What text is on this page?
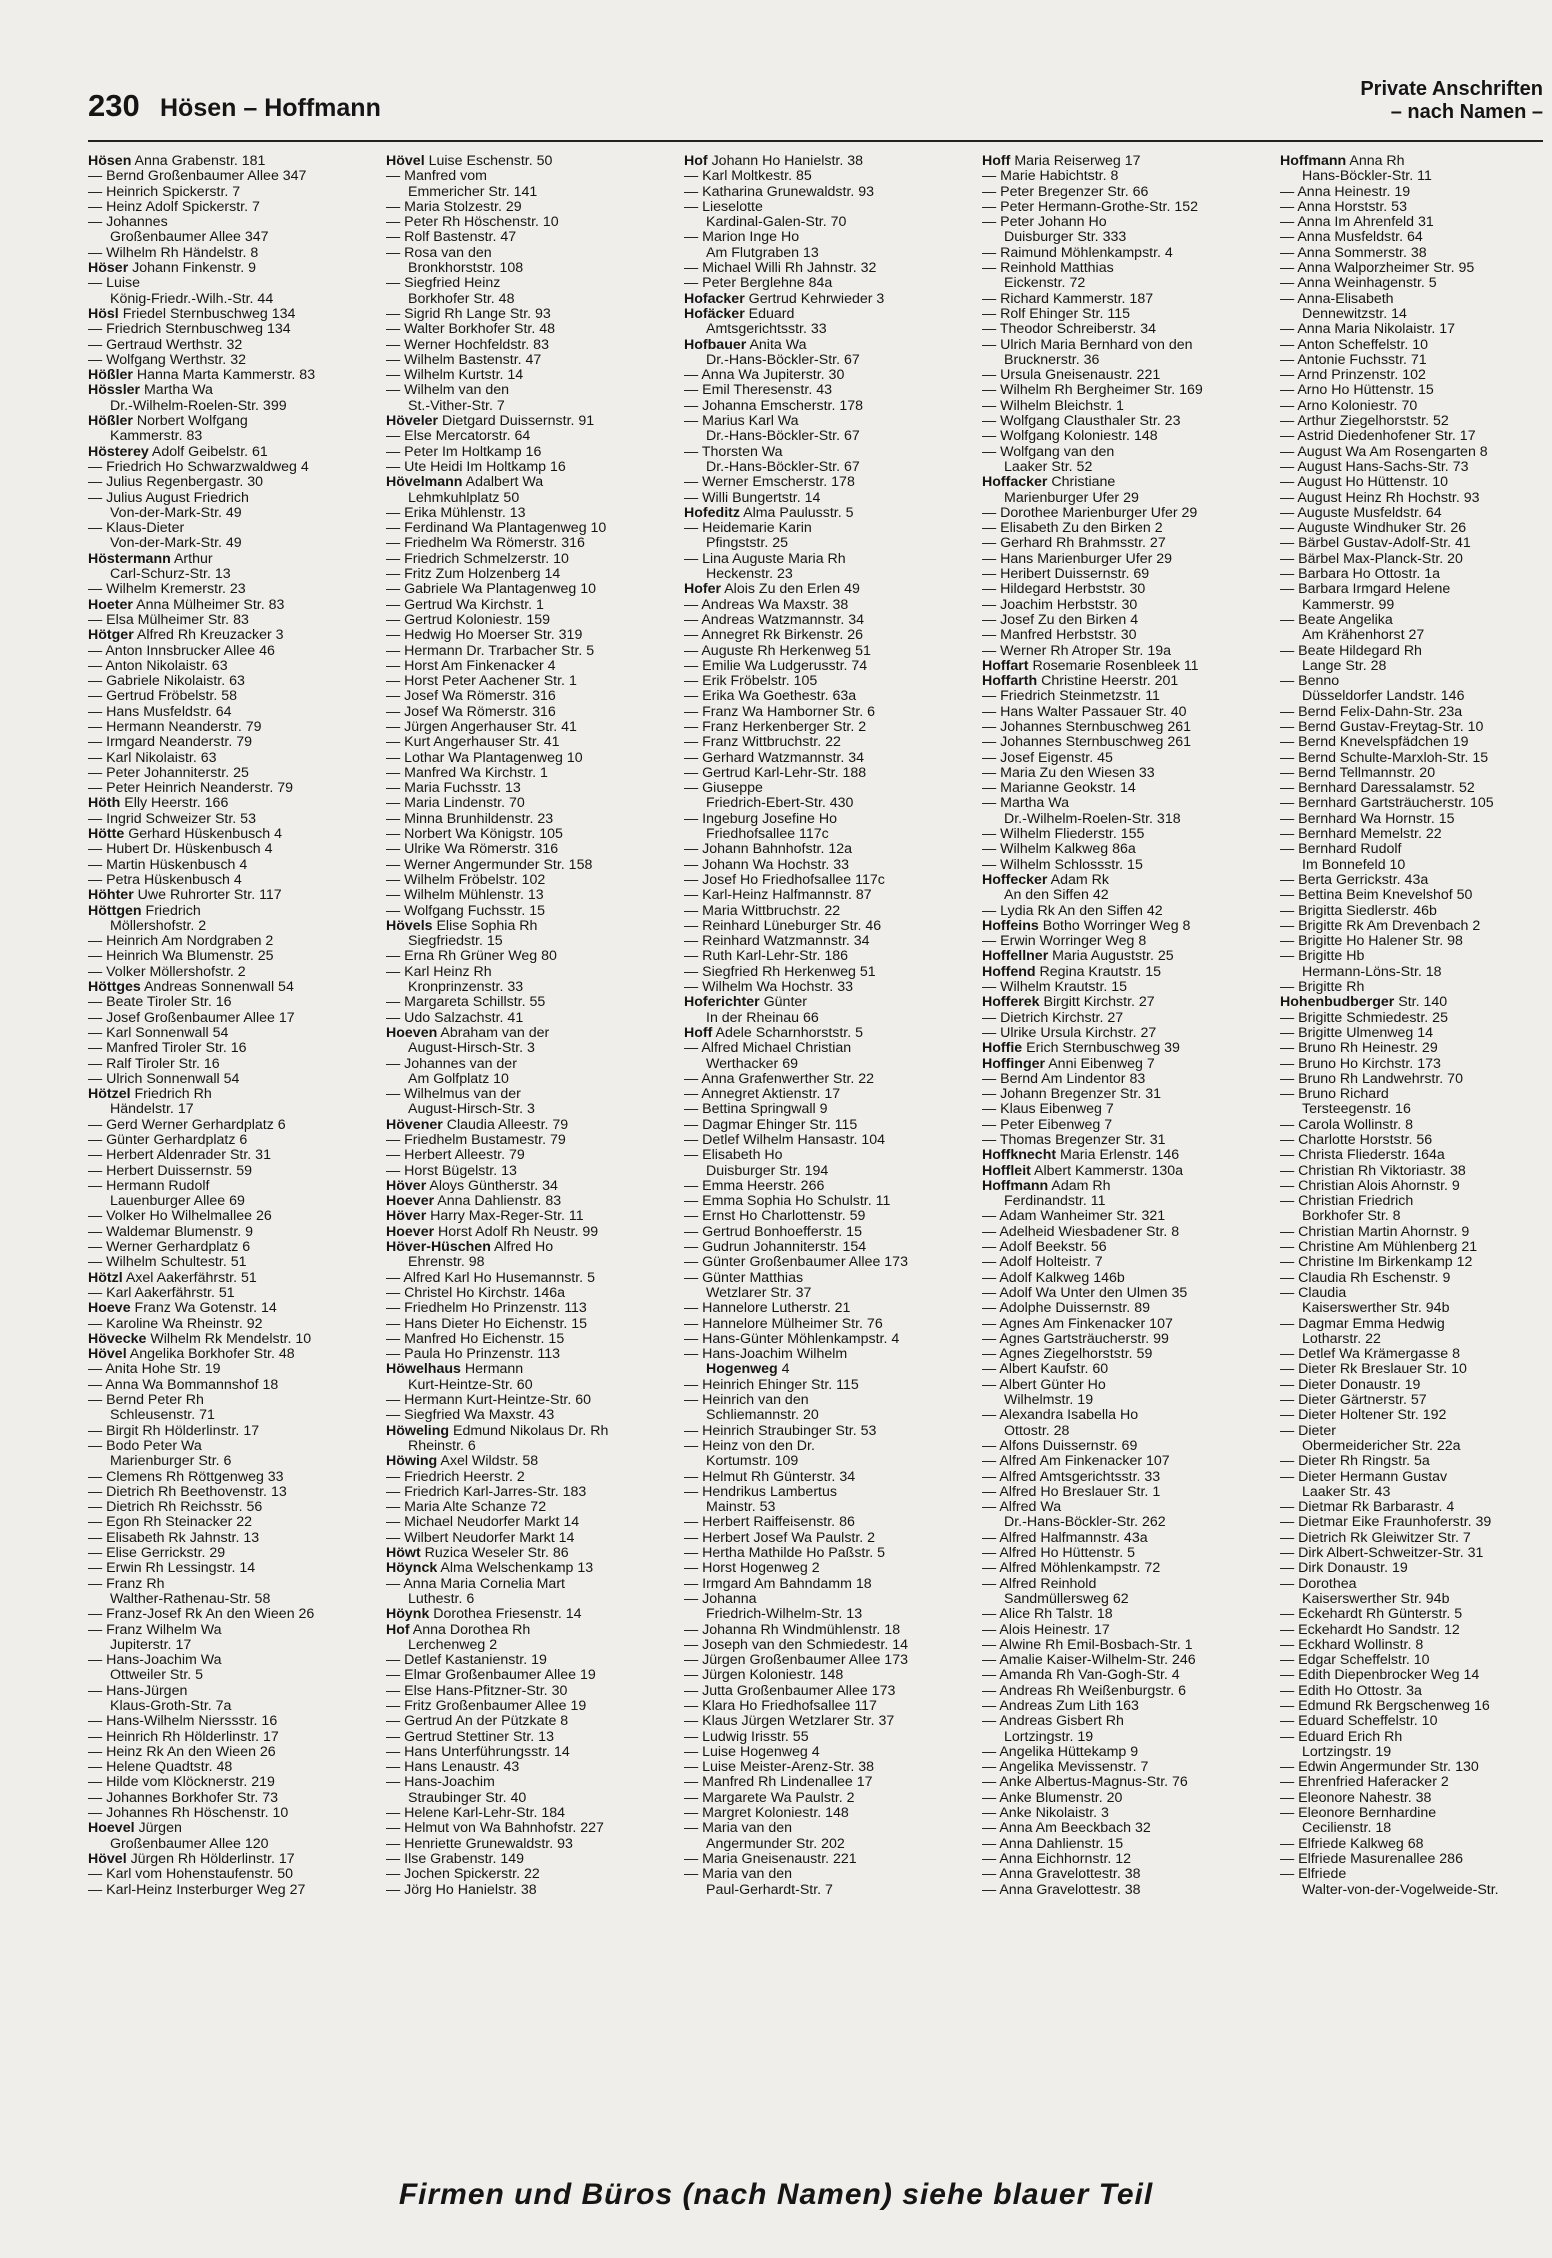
230 Hösen – Hoffmann
Private Anschriften
– nach Namen –

Hösen Anna Grabenstr. 181

— Bernd Großenbaumer Allee 347

— Heinrich Spickerstr. 7

— Heinz Adolf Spickerstr. 7

— Johannes

Großenbaumer Allee 347

— Wilhelm Rh Händelstr. 8

Höser Johann Finkenstr. 9

— Luise

König-Friedr.-Wilh.-Str. 44

Hösl Friedel Sternbuschweg 134

— Friedrich Sternbuschweg 134

— Gertraud Werthstr. 32

— Wolfgang Werthstr. 32

Hößler Hanna Marta Kammerstr. 83

Hössler Martha Wa

Dr.-Wilhelm-Roelen-Str. 399

Hößler Norbert Wolfgang

Kammerstr. 83

Hösterey Adolf Geibelstr. 61

— Friedrich Ho Schwarzwaldweg 4

— Julius Regenbergastr. 30

— Julius August Friedrich

Von-der-Mark-Str. 49

— Klaus-Dieter

Von-der-Mark-Str. 49

Höstermann Arthur

Carl-Schurz-Str. 13

— Wilhelm Kremerstr. 23

Hoeter Anna Mülheimer Str. 83

— Elsa Mülheimer Str. 83

Hötger Alfred Rh Kreuzacker 3

— Anton Innsbrucker Allee 46

— Anton Nikolaistr. 63

— Gabriele Nikolaistr. 63

— Gertrud Fröbelstr. 58

— Hans Musfeldstr. 64

— Hermann Neanderstr. 79

— Irmgard Neanderstr. 79

— Karl Nikolaistr. 63

— Peter Johanniterstr. 25

— Peter Heinrich Neanderstr. 79

Höth Elly Heerstr. 166

— Ingrid Schweizer Str. 53

Hötte Gerhard Hüskenbusch 4

— Hubert Dr. Hüskenbusch 4

— Martin Hüskenbusch 4

— Petra Hüskenbusch 4

Höhter Uwe Ruhrorter Str. 117

Höttgen Friedrich

Möllershofstr. 2

— Heinrich Am Nordgraben 2

— Heinrich Wa Blumenstr. 25

— Volker Möllershofstr. 2

Höttges Andreas Sonnenwall 54

— Beate Tiroler Str. 16

— Josef Großenbaumer Allee 17

— Karl Sonnenwall 54

— Manfred Tiroler Str. 16

— Ralf Tiroler Str. 16

— Ulrich Sonnenwall 54

Hötzel Friedrich Rh

Händelstr. 17

— Gerd Werner Gerhardplatz 6

— Günter Gerhardplatz 6

— Herbert Aldenrader Str. 31

— Herbert Duissernstr. 59

— Hermann Rudolf

Lauenburger Allee 69

— Volker Ho Wilhelmallee 26

— Waldemar Blumenstr. 9

— Werner Gerhardplatz 6

— Wilhelm Schultestr. 51

Hötzl Axel Aakerfährstr. 51

— Karl Aakerfährstr. 51

Hoeve Franz Wa Gotenstr. 14

— Karoline Wa Rheinstr. 92

Hövecke Wilhelm Rk Mendelstr. 10

Hövel Angelika Borkhofer Str. 48

— Anita Hohe Str. 19

— Anna Wa Bommannshof 18

— Bernd Peter Rh

Schleusenstr. 71

— Birgit Rh Hölderlinstr. 17

— Bodo Peter Wa

Marienburger Str. 6

— Clemens Rh Röttgenweg 33

— Dietrich Rh Beethovenstr. 13

— Dietrich Rh Reichsstr. 56

— Egon Rh Steinacker 22

— Elisabeth Rk Jahnstr. 13

— Elise Gerrickstr. 29

— Erwin Rh Lessingstr. 14

— Franz Rh

Walther-Rathenau-Str. 58

— Franz-Josef Rk An den Wieen 26

— Franz Wilhelm Wa

Jupiterstr. 17

— Hans-Joachim Wa

Ottweiler Str. 5

— Hans-Jürgen

Klaus-Groth-Str. 7a

— Hans-Wilhelm Nierssstr. 16

— Heinrich Rh Hölderlinstr. 17

— Heinz Rk An den Wieen 26

— Helene Quadtstr. 48

— Hilde vom Klöcknerstr. 219

— Johannes Borkhofer Str. 73

— Johannes Rh Höschenstr. 10

Hoevel Jürgen

Großenbaumer Allee 120

Hövel Jürgen Rh Hölderlinstr. 17

— Karl vom Hohenstaufenstr. 50

— Karl-Heinz Insterburger Weg 27

Hövel Luise Eschenstr. 50

— Manfred vom

Emmericher Str. 141

— Maria Stolzestr. 29

— Peter Rh Höschenstr. 10

— Rolf Bastenstr. 47

— Rosa van den

Bronkhorststr. 108

— Siegfried Heinz

Borkhofer Str. 48

— Sigrid Rh Lange Str. 93

— Walter Borkhofer Str. 48

— Werner Hochfeldstr. 83

— Wilhelm Bastenstr. 47

— Wilhelm Kurtstr. 14

— Wilhelm van den

St.-Vither-Str. 7

Höveler Dietgard Duissernstr. 91

— Else Mercatorstr. 64

— Peter Im Holtkamp 16

— Ute Heidi Im Holtkamp 16

Hövelmann Adalbert Wa

Lehmkuhlplatz 50

— Erika Mühlenstr. 13

— Ferdinand Wa Plantagenweg 10

— Friedhelm Wa Römerstr. 316

— Friedrich Schmelzerstr. 10

— Fritz Zum Holzenberg 14

— Gabriele Wa Plantagenweg 10

— Gertrud Wa Kirchstr. 1

— Gertrud Koloniestr. 159

— Hedwig Ho Moerser Str. 319

— Hermann Dr. Trarbacher Str. 5

— Horst Am Finkenacker 4

— Horst Peter Aachener Str. 1

— Josef Wa Römerstr. 316

— Josef Wa Römerstr. 316

— Jürgen Angerhauser Str. 41

— Kurt Angerhauser Str. 41

— Lothar Wa Plantagenweg 10

— Manfred Wa Kirchstr. 1

— Maria Fuchsstr. 13

— Maria Lindenstr. 70

— Minna Brunhildenstr. 23

— Norbert Wa Königstr. 105

— Ulrike Wa Römerstr. 316

— Werner Angermunder Str. 158

— Wilhelm Fröbelstr. 102

— Wilhelm Mühlenstr. 13

— Wolfgang Fuchsstr. 15

Hövels Elise Sophia Rh

Siegfriedstr. 15

— Erna Rh Grüner Weg 80

— Karl Heinz Rh

Kronprinzenstr. 33

— Margareta Schillstr. 55

— Udo Salzachstr. 41

Hoeven Abraham van der

August-Hirsch-Str. 3

— Johannes van der

Am Golfplatz 10

— Wilhelmus van der

August-Hirsch-Str. 3

Hövener Claudia Alleestr. 79

— Friedhelm Bustamestr. 79

— Herbert Alleestr. 79

— Horst Bügelstr. 13

Höver Aloys Güntherstr. 34

Hoever Anna Dahlienstr. 83

Höver Harry Max-Reger-Str. 11

Hoever Horst Adolf Rh Neustr. 99

Höver-Hüschen Alfred Ho

Ehrenstr. 98

— Alfred Karl Ho Husemannstr. 5

— Christel Ho Kirchstr. 146a

— Friedhelm Ho Prinzenstr. 113

— Hans Dieter Ho Eichenstr. 15

— Manfred Ho Eichenstr. 15

— Paula Ho Prinzenstr. 113

Höwelhaus Hermann

Kurt-Heintze-Str. 60

— Hermann Kurt-Heintze-Str. 60

— Siegfried Wa Maxstr. 43

Höweling Edmund Nikolaus Dr. Rh

Rheinstr. 6

Höwing Axel Wildstr. 58

— Friedrich Heerstr. 2

— Friedrich Karl-Jarres-Str. 183

— Maria Alte Schanze 72

— Michael Neudorfer Markt 14

— Wilbert Neudorfer Markt 14

Höwt Ruzica Weseler Str. 86

Höynck Alma Welschenkamp 13

— Anna Maria Cornelia Mart

Luthestr. 6

Höynk Dorothea Friesenstr. 14

Hof Anna Dorothea Rh

Lerchenweg 2

— Detlef Kastanienstr. 19

— Elmar Großenbaumer Allee 19

— Else Hans-Pfitzner-Str. 30

— Fritz Großenbaumer Allee 19

— Gertrud An der Pützkate 8

— Gertrud Stettiner Str. 13

— Hans Unterführungsstr. 14

— Hans Lenaustr. 43

— Hans-Joachim

Straubinger Str. 40

— Helene Karl-Lehr-Str. 184

— Helmut von Wa Bahnhofstr. 227

— Henriette Grunewaldstr. 93

— Ilse Grabenstr. 149

— Jochen Spickerstr. 22

— Jörg Ho Hanielstr. 38

Hof Johann Ho Hanielstr. 38

— Karl Moltkestr. 85

— Katharina Grunewaldstr. 93

— Lieselotte

Kardinal-Galen-Str. 70

— Marion Inge Ho

Am Flutgraben 13

— Michael Willi Rh Jahnstr. 32

— Peter Berglehne 84a

Hofacker Gertrud Kehrwieder 3

Hofäcker Eduard

Amtsgerichtsstr. 33

Hofbauer Anita Wa

Dr.-Hans-Böckler-Str. 67

— Anna Wa Jupiterstr. 30

— Emil Theresenstr. 43

— Johanna Emscherstr. 178

— Marius Karl Wa

Dr.-Hans-Böckler-Str. 67

— Thorsten Wa

Dr.-Hans-Böckler-Str. 67

— Werner Emscherstr. 178

— Willi Bungertstr. 14

Hofeditz Alma Paulusstr. 5

— Heidemarie Karin

Pfingststr. 25

— Lina Auguste Maria Rh

Heckenstr. 23

Hofer Alois Zu den Erlen 49

— Andreas Wa Maxstr. 38

— Andreas Watzmannstr. 34

— Annegret Rk Birkenstr. 26

— Auguste Rh Herkenweg 51

— Emilie Wa Ludgerusstr. 74

— Erik Fröbelstr. 105

— Erika Wa Goethestr. 63a

— Franz Wa Hamborner Str. 6

— Franz Herkenberger Str. 2

— Franz Wittbruchstr. 22

— Gerhard Watzmannstr. 34

— Gertrud Karl-Lehr-Str. 188

— Giuseppe

Friedrich-Ebert-Str. 430

— Ingeburg Josefine Ho

Friedhofsallee 117c

— Johann Bahnhofstr. 12a

— Johann Wa Hochstr. 33

— Josef Ho Friedhofsallee 117c

— Karl-Heinz Halfmannstr. 87

— Maria Wittbruchstr. 22

— Reinhard Lüneburger Str. 46

— Reinhard Watzmannstr. 34

— Ruth Karl-Lehr-Str. 186

— Siegfried Rh Herkenweg 51

— Wilhelm Wa Hochstr. 33

Hoferichter Günter

In der Rheinau 66

Hoff Adele Scharnhorststr. 5

— Alfred Michael Christian

Werthacker 69

— Anna Grafenwerther Str. 22

— Annegret Aktienstr. 17

— Bettina Springwall 9

— Dagmar Ehinger Str. 115

— Detlef Wilhelm Hansastr. 104

— Elisabeth Ho

Duisburger Str. 194

— Emma Heerstr. 266

— Emma Sophia Ho Schulstr. 11

— Ernst Ho Charlottenstr. 59

— Gertrud Bonhoefferstr. 15

— Gudrun Johanniterstr. 154

— Günter Großenbaumer Allee 173

— Günter Matthias

Wetzlarer Str. 37

— Hannelore Lutherstr. 21

— Hannelore Mülheimer Str. 76

— Hans-Günter Möhlenkampstr. 4

— Hans-Joachim Wilhelm

Hogenweg 4

— Heinrich Ehinger Str. 115

— Heinrich van den

Schliemannstr. 20

— Heinrich Straubinger Str. 53

— Heinz von den Dr.

Kortumstr. 109

— Helmut Rh Günterstr. 34

— Hendrikus Lambertus

Mainstr. 53

— Herbert Raiffeisenstr. 86

— Herbert Josef Wa Paulstr. 2

— Hertha Mathilde Ho Paßstr. 5

— Horst Hogenweg 2

— Irmgard Am Bahndamm 18

— Johanna

Friedrich-Wilhelm-Str. 13

— Johanna Rh Windmühlenstr. 18

— Joseph van den Schmiedestr. 14

— Jürgen Großenbaumer Allee 173

— Jürgen Koloniestr. 148

— Jutta Großenbaumer Allee 173

— Klara Ho Friedhofsallee 117

— Klaus Jürgen Wetzlarer Str. 37

— Ludwig Irisstr. 55

— Luise Hogenweg 4

— Luise Meister-Arenz-Str. 38

— Manfred Rh Lindenallee 17

— Margarete Wa Paulstr. 2

— Margret Koloniestr. 148

— Maria van den

Angermunder Str. 202

— Maria Gneisenaustr. 221

— Maria van den

Paul-Gerhardt-Str. 7

Hoff Maria Reiserweg 17

— Marie Habichtstr. 8

— Peter Bregenzer Str. 66

— Peter Hermann-Grothe-Str. 152

— Peter Johann Ho

Duisburger Str. 333

— Raimund Möhlenkampstr. 4

— Reinhold Matthias

Eickenstr. 72

— Richard Kammerstr. 187

— Rolf Ehinger Str. 115

— Theodor Schreiberstr. 34

— Ulrich Maria Bernhard von den

Brucknerstr. 36

— Ursula Gneisenaustr. 221

— Wilhelm Rh Bergheimer Str. 169

— Wilhelm Bleichstr. 1

— Wolfgang Clausthaler Str. 23

— Wolfgang Koloniestr. 148

— Wolfgang van den

Laaker Str. 52

Hoffacker Christiane

Marienburger Ufer 29

— Dorothee Marienburger Ufer 29

— Elisabeth Zu den Birken 2

— Gerhard Rh Brahmsstr. 27

— Hans Marienburger Ufer 29

— Heribert Duissernstr. 69

— Hildegard Herbststr. 30

— Joachim Herbststr. 30

— Josef Zu den Birken 4

— Manfred Herbststr. 30

— Werner Rh Atroper Str. 19a

Hoffart Rosemarie Rosenbleek 11

Hoffarth Christine Heerstr. 201

— Friedrich Steinmetzstr. 11

— Hans Walter Passauer Str. 40

— Johannes Sternbuschweg 261

— Johannes Sternbuschweg 261

— Josef Eigenstr. 45

— Maria Zu den Wiesen 33

— Marianne Geokstr. 14

— Martha Wa

Dr.-Wilhelm-Roelen-Str. 318

— Wilhelm Fliederstr. 155

— Wilhelm Kalkweg 86a

— Wilhelm Schlossstr. 15

Hoffecker Adam Rk

An den Siffen 42

— Lydia Rk An den Siffen 42

Hoffeins Botho Worringer Weg 8

— Erwin Worringer Weg 8

Hoffellner Maria Auguststr. 25

Hoffend Regina Krautstr. 15

— Wilhelm Krautstr. 15

Hofferek Birgitt Kirchstr. 27

— Dietrich Kirchstr. 27

— Ulrike Ursula Kirchstr. 27

Hoffie Erich Sternbuschweg 39

Hoffinger Anni Eibenweg 7

— Bernd Am Lindentor 83

— Johann Bregenzer Str. 31

— Klaus Eibenweg 7

— Peter Eibenweg 7

— Thomas Bregenzer Str. 31

Hoffknecht Maria Erlenstr. 146

Hoffleit Albert Kammerstr. 130a

Hoffmann Adam Rh

Ferdinandstr. 11

— Adam Wanheimer Str. 321

— Adelheid Wiesbadener Str. 8

— Adolf Beekstr. 56

— Adolf Holteistr. 7

— Adolf Kalkweg 146b

— Adolf Wa Unter den Ulmen 35

— Adolphe Duissernstr. 89

— Agnes Am Finkenacker 107

— Agnes Gartsträucherstr. 99

— Agnes Ziegelhorststr. 59

— Albert Kaufstr. 60

— Albert Günter Ho

Wilhelmstr. 19

— Alexandra Isabella Ho

Ottostr. 28

— Alfons Duissernstr. 69

— Alfred Am Finkenacker 107

— Alfred Amtsgerichtsstr. 33

— Alfred Ho Breslauer Str. 1

— Alfred Wa

Dr.-Hans-Böckler-Str. 262

— Alfred Halfmannstr. 43a

— Alfred Ho Hüttenstr. 5

— Alfred Möhlenkampstr. 72

— Alfred Reinhold

Sandmüllersweg 62

— Alice Rh Talstr. 18

— Alois Heinestr. 17

— Alwine Rh Emil-Bosbach-Str. 1

— Amalie Kaiser-Wilhelm-Str. 246

— Amanda Rh Van-Gogh-Str. 4

— Andreas Rh Weißenburgstr. 6

— Andreas Zum Lith 163

— Andreas Gisbert Rh

Lortzingstr. 19

— Angelika Hüttekamp 9

— Angelika Mevissenstr. 7

— Anke Albertus-Magnus-Str. 76

— Anke Blumenstr. 20

— Anke Nikolaistr. 3

— Anna Am Beeckbach 32

— Anna Dahlienstr. 15

— Anna Eichhornstr. 12

— Anna Gravelottestr. 38

— Anna Gravelottestr. 38

Hoffmann Anna Rh

Hans-Böckler-Str. 11

— Anna Heinestr. 19

— Anna Horststr. 53

— Anna Im Ahrenfeld 31

— Anna Musfeldstr. 64

— Anna Sommerstr. 38

— Anna Walporzheimer Str. 95

— Anna Weinhagenstr. 5

— Anna-Elisabeth

Dennewitzstr. 14

— Anna Maria Nikolaistr. 17

— Anton Scheffelstr. 10

— Antonie Fuchsstr. 71

— Arnd Prinzenstr. 102

— Arno Ho Hüttenstr. 15

— Arno Koloniestr. 70

— Arthur Ziegelhorststr. 52

— Astrid Diedenhofener Str. 17

— August Wa Am Rosengarten 8

— August Hans-Sachs-Str. 73

— August Ho Hüttenstr. 10

— August Heinz Rh Hochstr. 93

— Auguste Musfeldstr. 64

— Auguste Windhuker Str. 26

— Bärbel Gustav-Adolf-Str. 41

— Bärbel Max-Planck-Str. 20

— Barbara Ho Ottostr. 1a

— Barbara Irmgard Helene

Kammerstr. 99

— Beate Angelika

Am Krähenhorst 27

— Beate Hildegard Rh

Lange Str. 28

— Benno

Düsseldorfer Landstr. 146

— Bernd Felix-Dahn-Str. 23a

— Bernd Gustav-Freytag-Str. 10

— Bernd Knevelspfädchen 19

— Bernd Schulte-Marxloh-Str. 15

— Bernd Tellmannstr. 20

— Bernhard Daressalamstr. 52

— Bernhard Gartsträucherstr. 105

— Bernhard Wa Hornstr. 15

— Bernhard Memelstr. 22

— Bernhard Rudolf

Im Bonnefeld 10

— Berta Gerrickstr. 43a

— Bettina Beim Knevelshof 50

— Brigitta Siedlerstr. 46b

— Brigitte Rk Am Drevenbach 2

— Brigitte Ho Halener Str. 98

— Brigitte Hb

Hermann-Löns-Str. 18

— Brigitte Rh

Hohenbudberger Str. 140

— Brigitte Schmiedestr. 25

— Brigitte Ulmenweg 14

— Bruno Rh Heinestr. 29

— Bruno Ho Kirchstr. 173

— Bruno Rh Landwehrstr. 70

— Bruno Richard

Tersteegenstr. 16

— Carola Wollinstr. 8

— Charlotte Horststr. 56

— Christa Fliederstr. 164a

— Christian Rh Viktoriastr. 38

— Christian Alois Ahornstr. 9

— Christian Friedrich

Borkhofer Str. 8

— Christian Martin Ahornstr. 9

— Christine Am Mühlenberg 21

— Christine Im Birkenkamp 12

— Claudia Rh Eschenstr. 9

— Claudia

Kaiserswerther Str. 94b

— Dagmar Emma Hedwig

Lotharstr. 22

— Detlef Wa Krämergasse 8

— Dieter Rk Breslauer Str. 10

— Dieter Donaustr. 19

— Dieter Gärtnerstr. 57

— Dieter Holtener Str. 192

— Dieter

Obermeidericher Str. 22a

— Dieter Rh Ringstr. 5a

— Dieter Hermann Gustav

Laaker Str. 43

— Dietmar Rk Barbarastr. 4

— Dietmar Eike Fraunhoferstr. 39

— Dietrich Rk Gleiwitzer Str. 7

— Dirk Albert-Schweitzer-Str. 31

— Dirk Donaustr. 19

— Dorothea

Kaiserswerther Str. 94b

— Eckehardt Rh Günterstr. 5

— Eckehardt Ho Sandstr. 12

— Eckhard Wollinstr. 8

— Edgar Scheffelstr. 10

— Edith Diepenbrocker Weg 14

— Edith Ho Ottostr. 3a

— Edmund Rk Bergschenweg 16

— Eduard Scheffelstr. 10

— Eduard Erich Rh

Lortzingstr. 19

— Edwin Angermunder Str. 130

— Ehrenfried Haferacker 2

— Eleonore Nahestr. 38

— Eleonore Bernhardine

Cecilienstr. 18

— Elfriede Kalkweg 68

— Elfriede Masurenallee 286

— Elfriede

Walter-von-der-Vogelweide-Str.

Firmen und Büros (nach Namen) siehe blauer Teil
